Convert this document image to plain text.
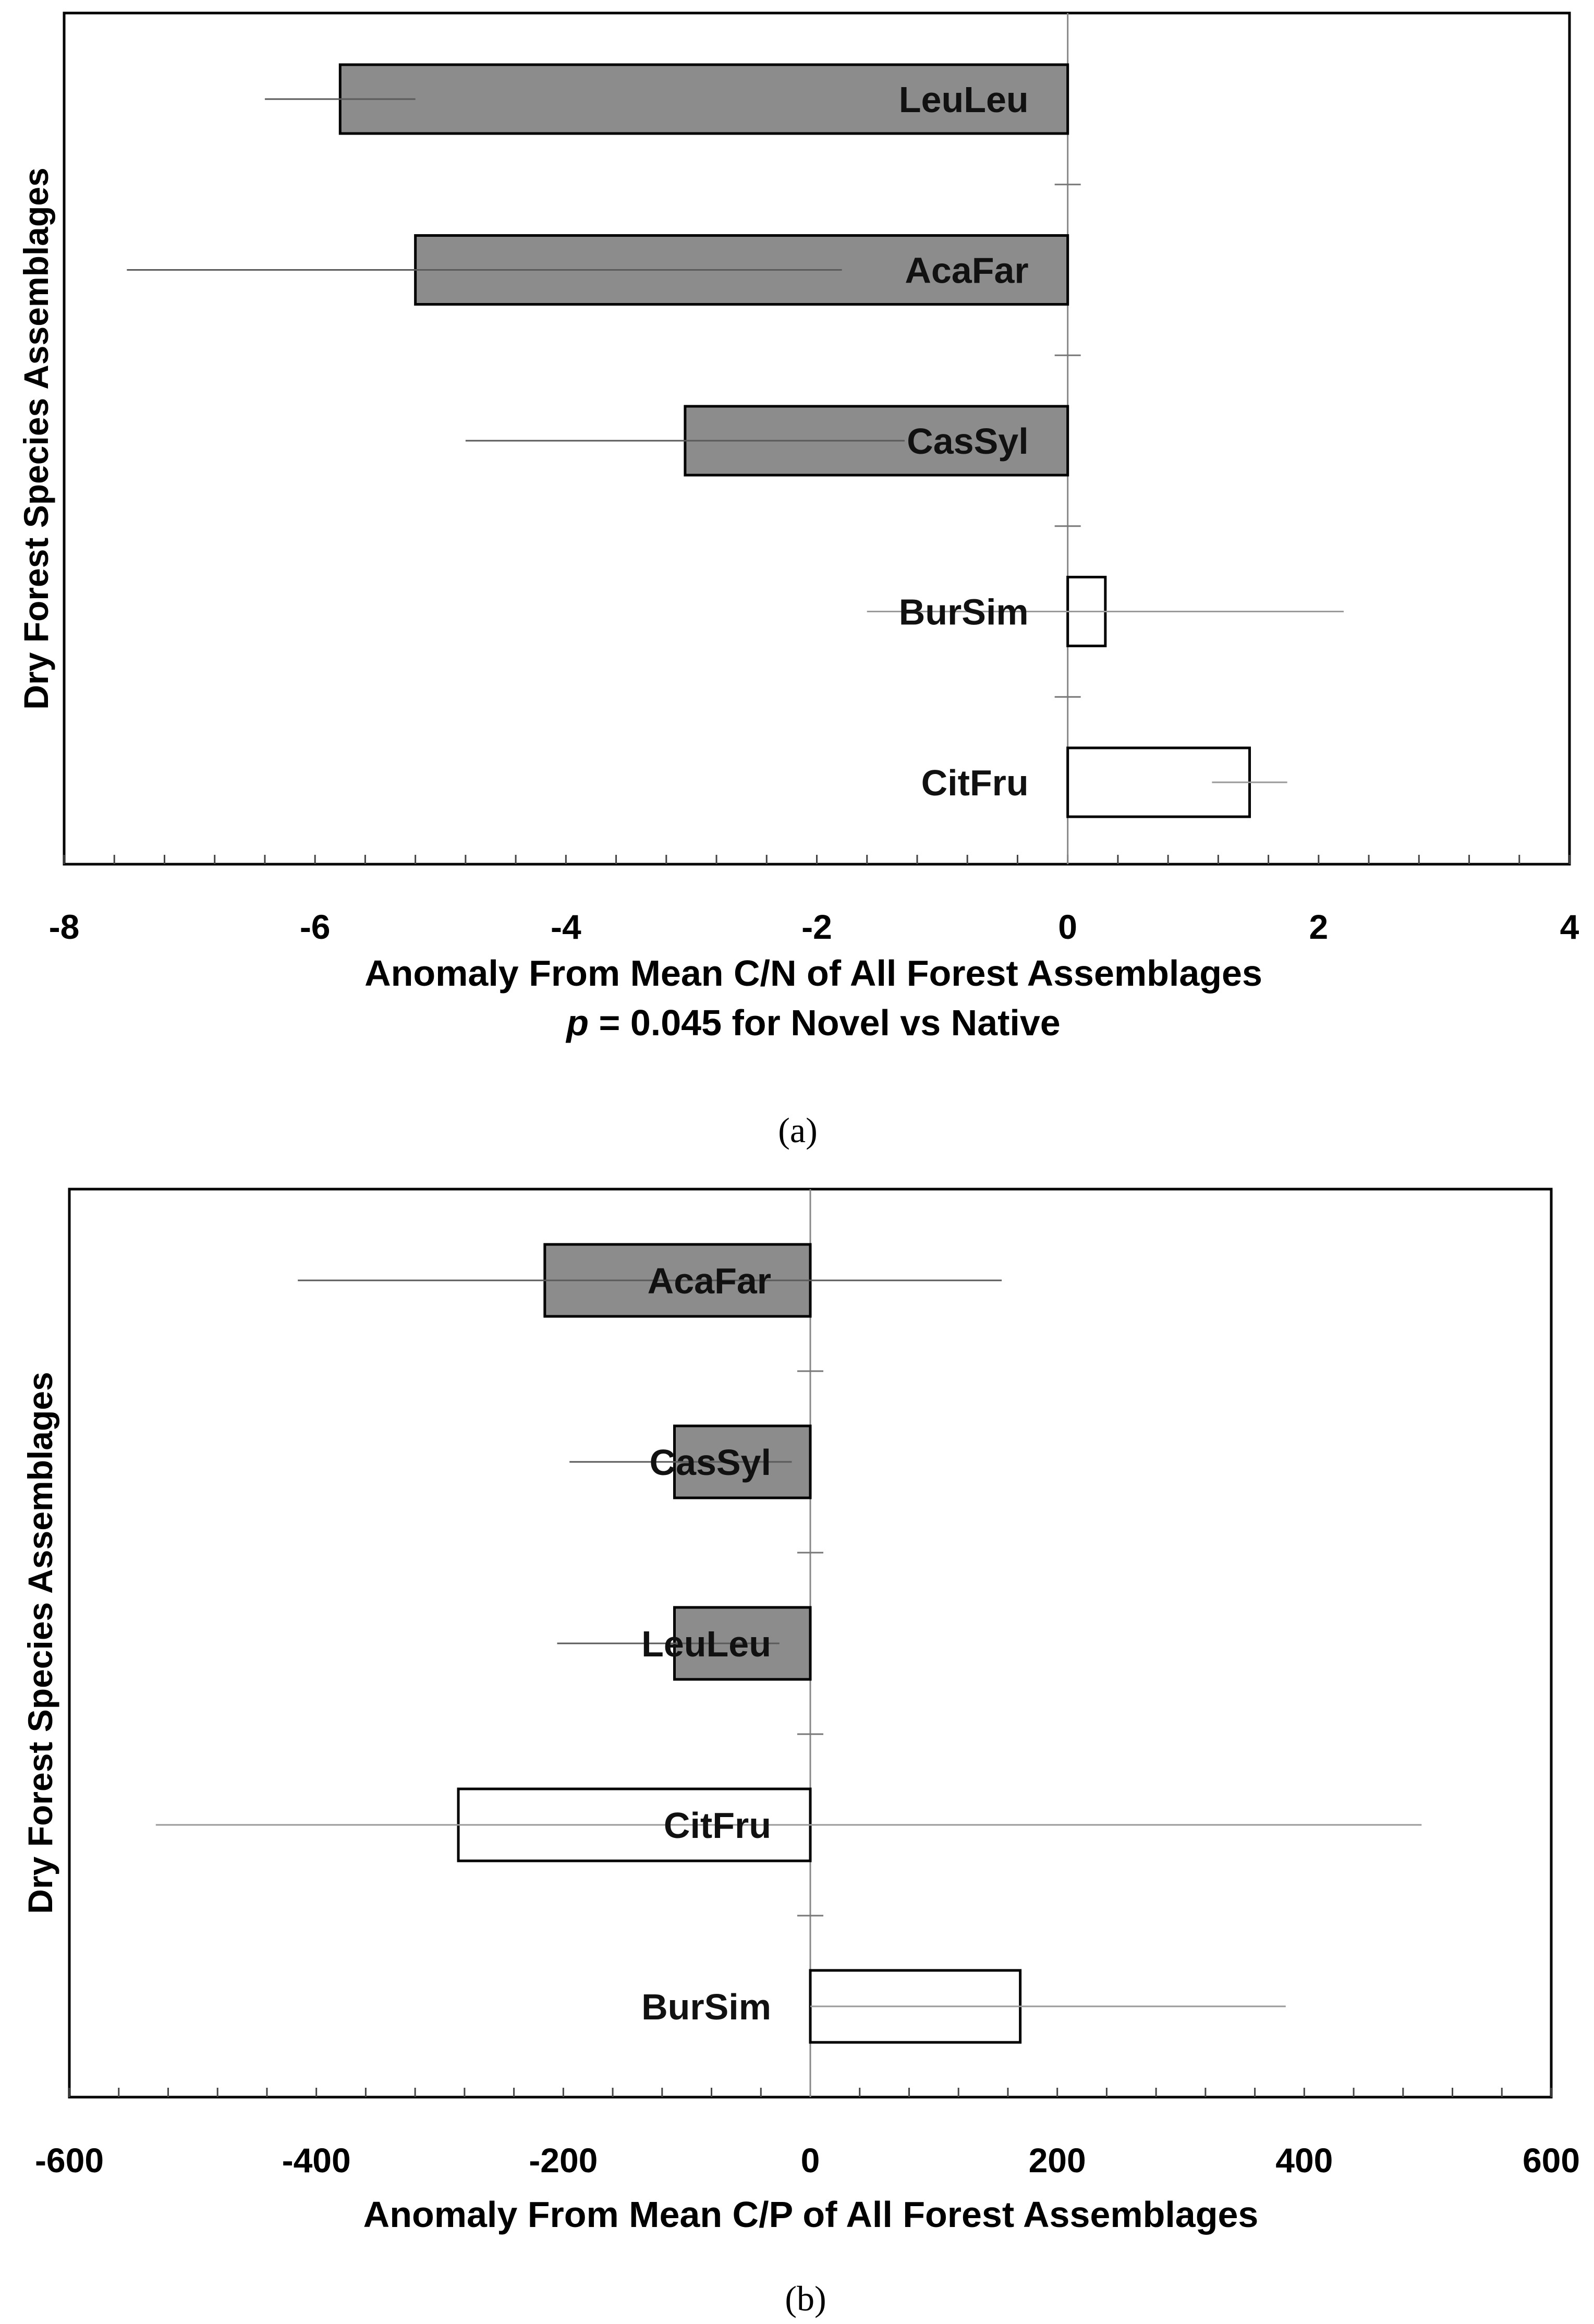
Dry Forest Species Assemblages
Anomaly From Mean C/N of All Forest Assemblages
p = 0.045 for Novel vs Native
(a)
-8	-6	-4	-2	0	2	4
LeuLeu
AcaFar
CasSyl
BurSim
CitFru
Dry Forest Species Assemblages
Anomaly From Mean C/P of All Forest Assemblages
(b)
-600	-400	-200	0	200	400	600
AcaFar
CasSyl
LeuLeu
CitFru
BurSim
